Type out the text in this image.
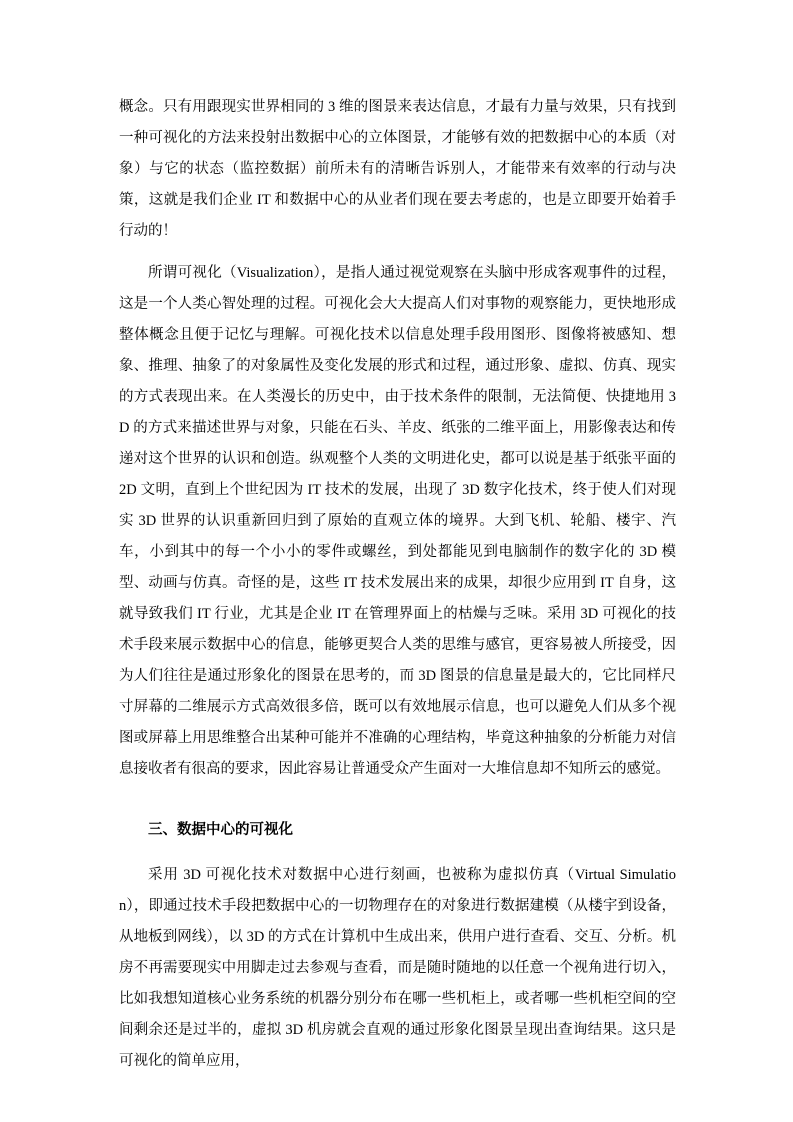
概念。只有用跟现实世界相同的 3 维的图景来表达信息，才最有力量与效果，只有找到一种可视化的方法来投射出数据中心的立体图景，才能够有效的把数据中心的本质（对象）与它的状态（监控数据）前所未有的清晰告诉别人，才能带来有效率的行动与决策，这就是我们企业 IT 和数据中心的从业者们现在要去考虑的，也是立即要开始着手行动的！

所谓可视化（Visualization），是指人通过视觉观察在头脑中形成客观事件的过程，这是一个人类心智处理的过程。可视化会大大提高人们对事物的观察能力，更快地形成整体概念且便于记忆与理解。可视化技术以信息处理手段用图形、图像将被感知、想象、推理、抽象了的对象属性及变化发展的形式和过程，通过形象、虚拟、仿真、现实的方式表现出来。在人类漫长的历史中，由于技术条件的限制，无法简便、快捷地用 3D 的方式来描述世界与对象，只能在石头、羊皮、纸张的二维平面上，用影像表达和传递对这个世界的认识和创造。纵观整个人类的文明进化史，都可以说是基于纸张平面的 2D 文明，直到上个世纪因为 IT 技术的发展，出现了 3D 数字化技术，终于使人们对现实 3D 世界的认识重新回归到了原始的直观立体的境界。大到飞机、轮船、楼宇、汽车，小到其中的每一个小小的零件或螺丝，到处都能见到电脑制作的数字化的 3D 模型、动画与仿真。奇怪的是，这些 IT 技术发展出来的成果，却很少应用到 IT 自身，这就导致我们 IT 行业，尤其是企业 IT 在管理界面上的枯燥与乏味。采用 3D 可视化的技术手段来展示数据中心的信息，能够更契合人类的思维与感官，更容易被人所接受，因为人们往往是通过形象化的图景在思考的，而 3D 图景的信息量是最大的，它比同样尺寸屏幕的二维展示方式高效很多倍，既可以有效地展示信息，也可以避免人们从多个视图或屏幕上用思维整合出某种可能并不准确的心理结构，毕竟这种抽象的分析能力对信息接收者有很高的要求，因此容易让普通受众产生面对一大堆信息却不知所云的感觉。

三、数据中心的可视化

采用 3D 可视化技术对数据中心进行刻画，也被称为虚拟仿真（Virtual Simulation），即通过技术手段把数据中心的一切物理存在的对象进行数据建模（从楼宇到设备，从地板到网线），以 3D 的方式在计算机中生成出来，供用户进行查看、交互、分析。机房不再需要现实中用脚走过去参观与查看，而是随时随地的以任意一个视角进行切入，比如我想知道核心业务系统的机器分别分布在哪一些机柜上，或者哪一些机柜空间的空间剩余还是过半的，虚拟 3D 机房就会直观的通过形象化图景呈现出查询结果。这只是可视化的简单应用，
